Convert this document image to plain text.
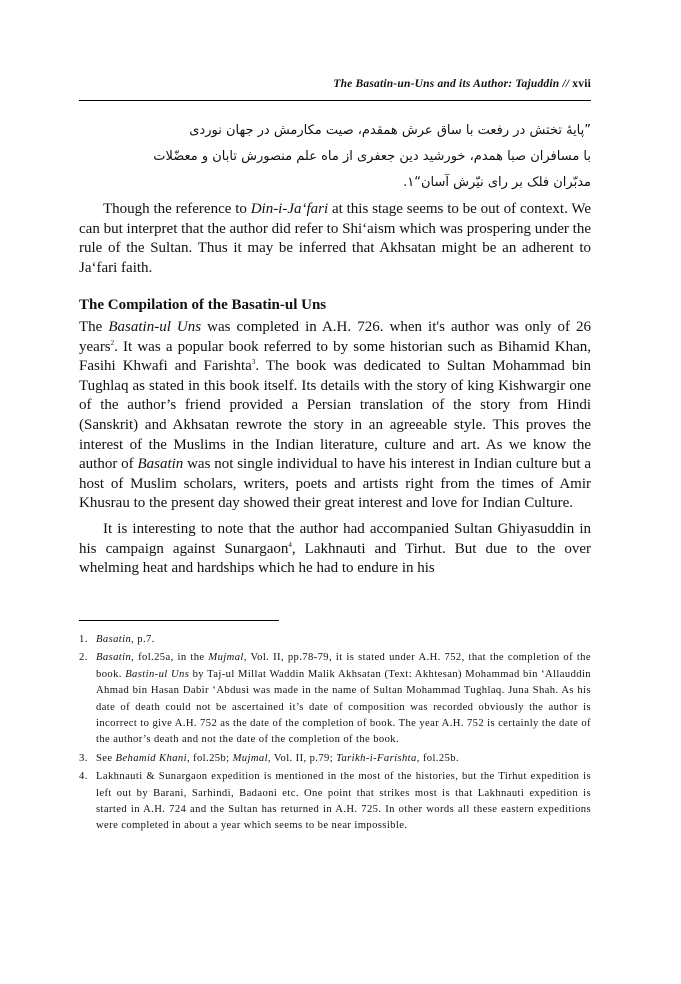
The Basatin-un-Uns and its Author: Tajuddin // xvii

”پایۀ تختش در رفعت با ساق عرش همقدم، صیت مکارمش در جهان نوردی

با مسافران صبا همدم، خورشید دین جعفری از ماه علم منصورش تابان و معضّلات

مدبّران فلک بر رای نیّرش آسان“۱.

Though the reference to Din-i-Ja‘fari at this stage seems to be out of context. We can but interpret that the author did refer to Shi‘aism which was prospering under the rule of the Sultan. Thus it may be inferred that Akhsatan might be an adherent to Ja‘fari faith.

The Compilation of the Basatin-ul Uns

The Basatin-ul Uns was completed in A.H. 726. when it's author was only of 26 years$^2$. It was a popular book referred to by some historian such as Bihamid Khan, Fasihi Khwafi and Farishta$^3$. The book was dedicated to Sultan Mohammad bin Tughlaq as stated in this book itself. Its details with the story of king Kishwargir one of the author’s friend provided a Persian translation of the story from Hindi (Sanskrit) and Akhsatan rewrote the story in an agreeable style. This proves the interest of the Muslims in the Indian literature, culture and art. As we know the author of Basatin was not single individual to have his interest in Indian culture but a host of Muslim scholars, writers, poets and artists right from the times of Amir Khusrau to the present day showed their great interest and love for Indian Culture.

It is interesting to note that the author had accompanied Sultan Ghiyasuddin in his campaign against Sunargaon$^4$, Lakhnauti and Tirhut. But due to the over whelming heat and hardships which he had to endure in his

1. Basatin, p.7.
2. Basatin, fol.25a, in the Mujmal, Vol. II, pp.78-79, it is stated under A.H. 752, that the completion of the book. Bastin-ul Uns by Taj-ul Millat Waddin Malik Akhsatan (Text: Akhtesan) Mohammad bin ‘Allauddin Ahmad bin Hasan Dabir ‘Abdusi was made in the name of Sultan Mohammad Tughlaq. Juna Shah. As his date of death could not be ascertained it’s date of composition was recorded obviously the author is incorrect to give A.H. 752 as the date of the completion of book. The year A.H. 752 is certainly the date of the author’s death and not the date of the completion of the book.
3. See Behamid Khani, fol.25b; Mujmal, Vol. II, p.79; Tarikh-i-Farishta, fol.25b.
4. Lakhnauti & Sunargaon expedition is mentioned in the most of the histories, but the Tirhut expedition is left out by Barani, Sarhindi, Badaoni etc. One point that strikes most is that Lakhnauti expedition is started in A.H. 724 and the Sultan has returned in A.H. 725. In other words all these eastern expeditions were completed in about a year which seems to be near impossible.
